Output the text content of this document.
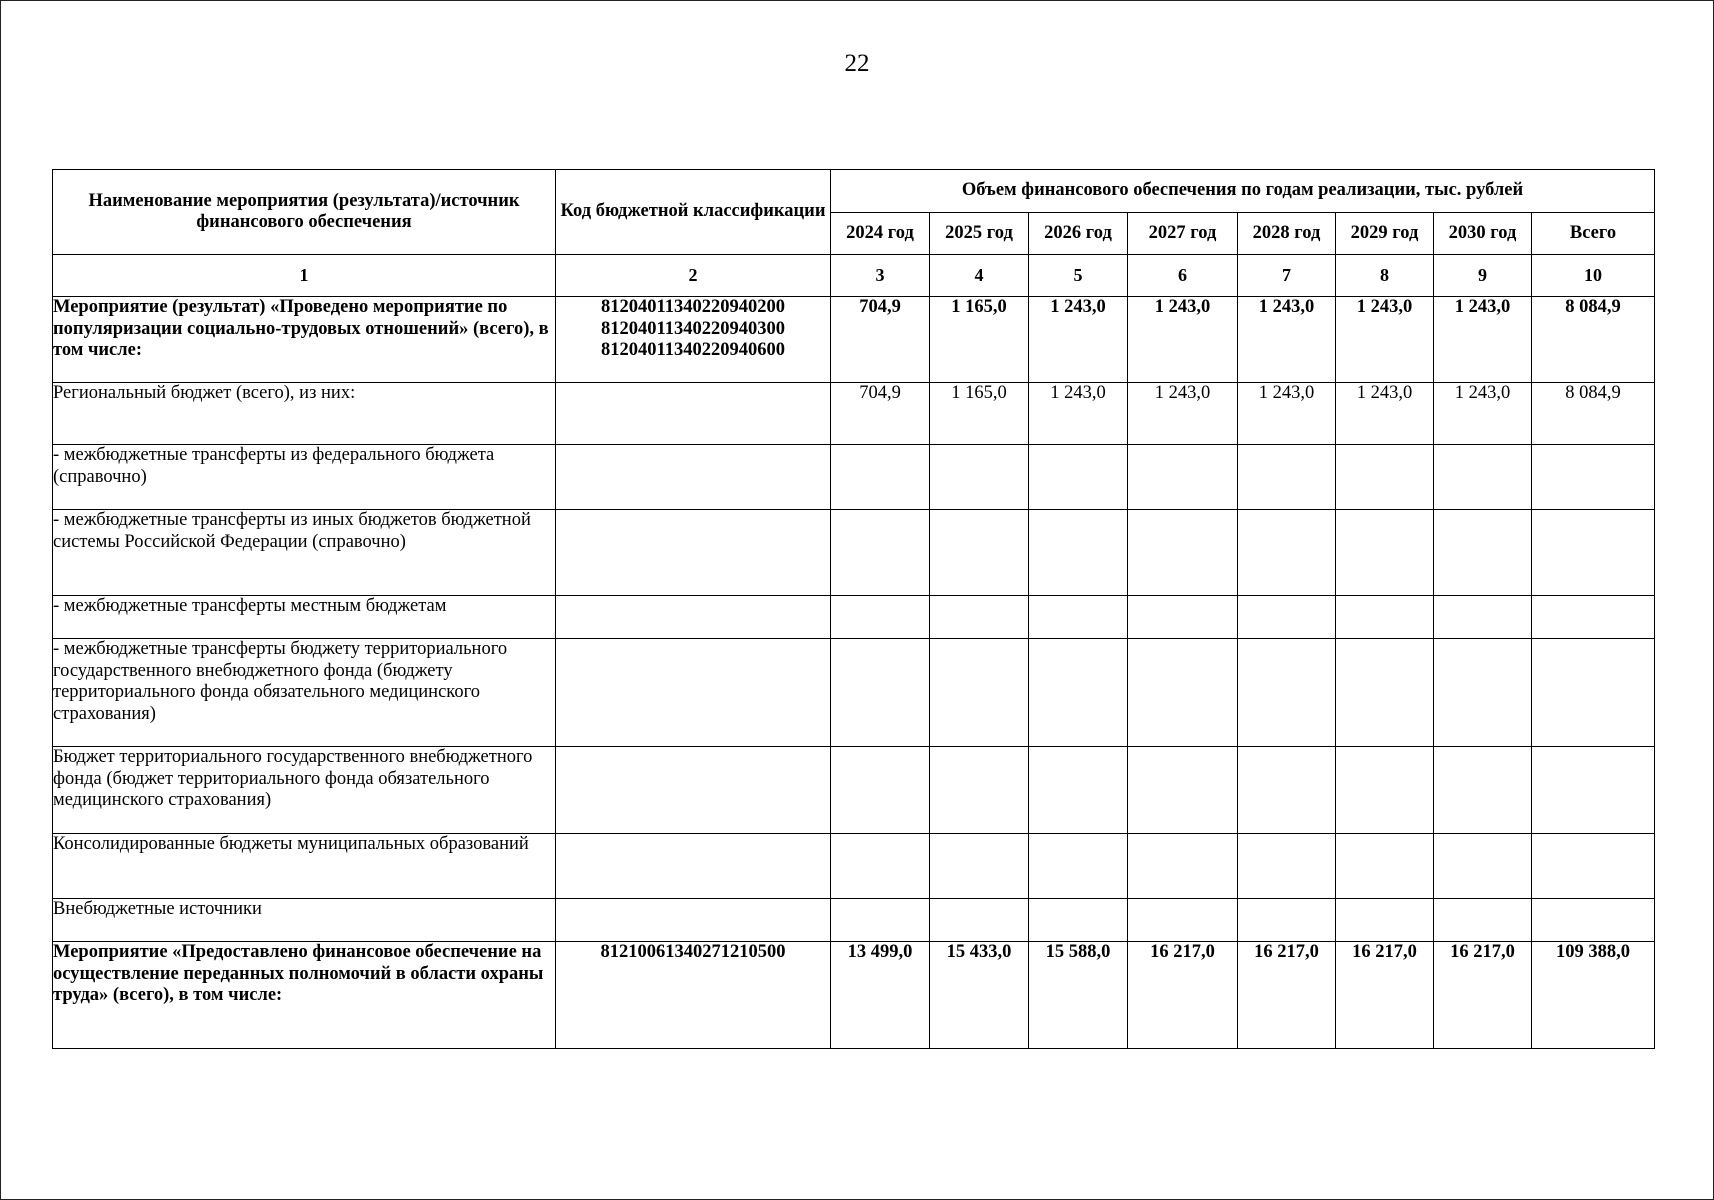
22
Наименование мероприятия (результата)/источник финансового обеспечения	Код бюджетной классификации	Объем финансового обеспечения по годам реализации, тыс. рублей							
		2024 год	2025 год	2026 год	2027 год	2028 год	2029 год	2030 год	Всего
1	2	3	4	5	6	7	8	9	10
Мероприятие (результат) «Проведено мероприятие по популяризации социально-трудовых отношений» (всего), в том числе:	81204011340220940200
81204011340220940300
81204011340220940600	704,9	1 165,0	1 243,0	1 243,0	1 243,0	1 243,0	1 243,0	8 084,9
Региональный бюджет (всего), из них:		704,9	1 165,0	1 243,0	1 243,0	1 243,0	1 243,0	1 243,0	8 084,9
- межбюджетные трансферты из федерального бюджета (справочно)									
- межбюджетные трансферты из иных бюджетов бюджетной системы Российской Федерации (справочно)									
- межбюджетные трансферты местным бюджетам									
- межбюджетные трансферты бюджету территориального государственного внебюджетного фонда (бюджету территориального фонда обязательного медицинского страхования)									
Бюджет территориального государственного внебюджетного фонда (бюджет территориального фонда обязательного медицинского страхования)									
Консолидированные бюджеты муниципальных образований									
Внебюджетные источники									
Мероприятие «Предоставлено финансовое обеспечение на осуществление переданных полномочий в области охраны труда» (всего), в том числе:	81210061340271210500	13 499,0	15 433,0	15 588,0	16 217,0	16 217,0	16 217,0	16 217,0	109 388,0
